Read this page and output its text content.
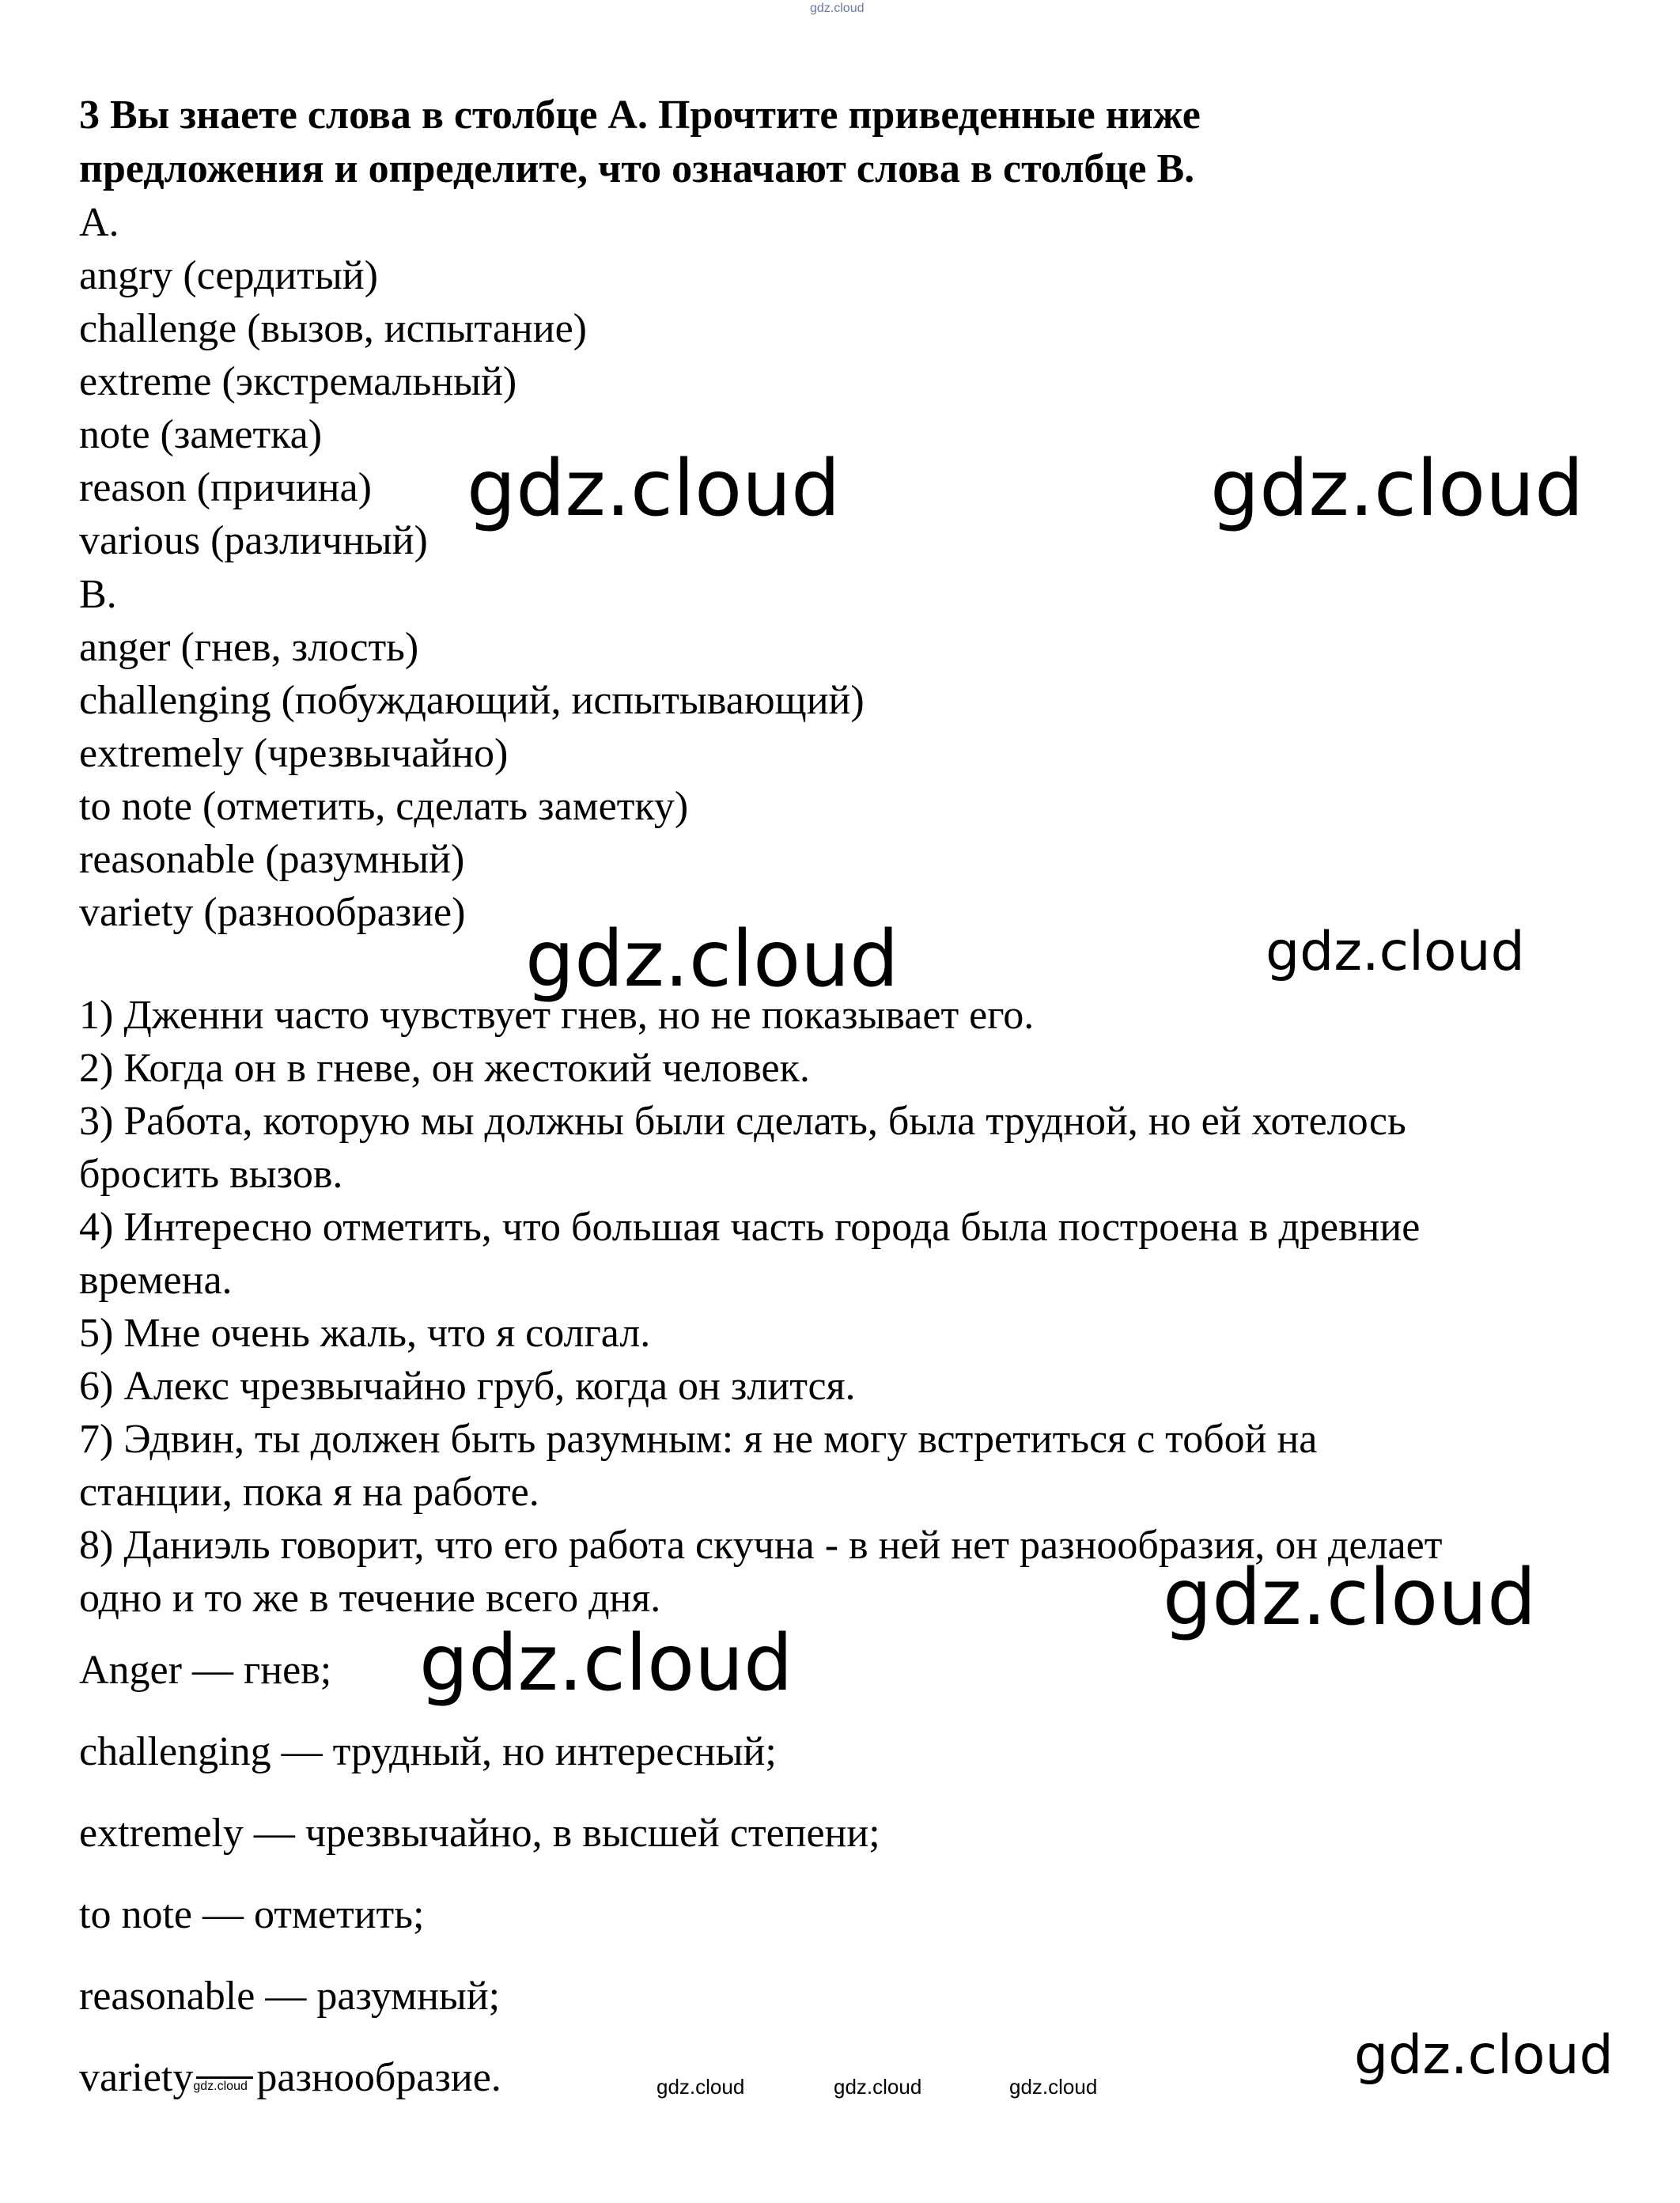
gdz.cloud
3 Вы знаете слова в столбце А. Прочтите приведенные ниже
предложения и определите, что означают слова в столбце B.
A.
angry (сердитый)
challenge (вызов, испытание)
extreme (экстремальный)
note (заметка)
reason (причина)
various (различный)
B.
anger (гнев, злость)
challenging (побуждающий, испытывающий)
extremely (чрезвычайно)
to note (отметить, сделать заметку)
reasonable (разумный)
variety (разнообразие)
1) Дженни часто чувствует гнев, но не показывает его.
2) Когда он в гневе, он жестокий человек.
3) Работа, которую мы должны были сделать, была трудной, но ей хотелось
бросить вызов.
4) Интересно отметить, что большая часть города была построена в древние
времена.
5) Мне очень жаль, что я солгал.
6) Алекс чрезвычайно груб, когда он злится.
7) Эдвин, ты должен быть разумным: я не могу встретиться с тобой на
станции, пока я на работе.
8) Даниэль говорит, что его работа скучна - в ней нет разнообразия, он делает
одно и то же в течение всего дня.
Anger — гнев;
challenging — трудный, но интересный;
extremely — чрезвычайно, в высшей степени;
to note — отметить;
reasonable — разумный;
variety gdz.cloud разнообразие.
gdz.cloud	gdz.cloud
gdz.cloud	gdz.cloud
gdz.cloud
gdz.cloud
gdz.cloud
gdz.cloud	gdz.cloud	gdz.cloud
